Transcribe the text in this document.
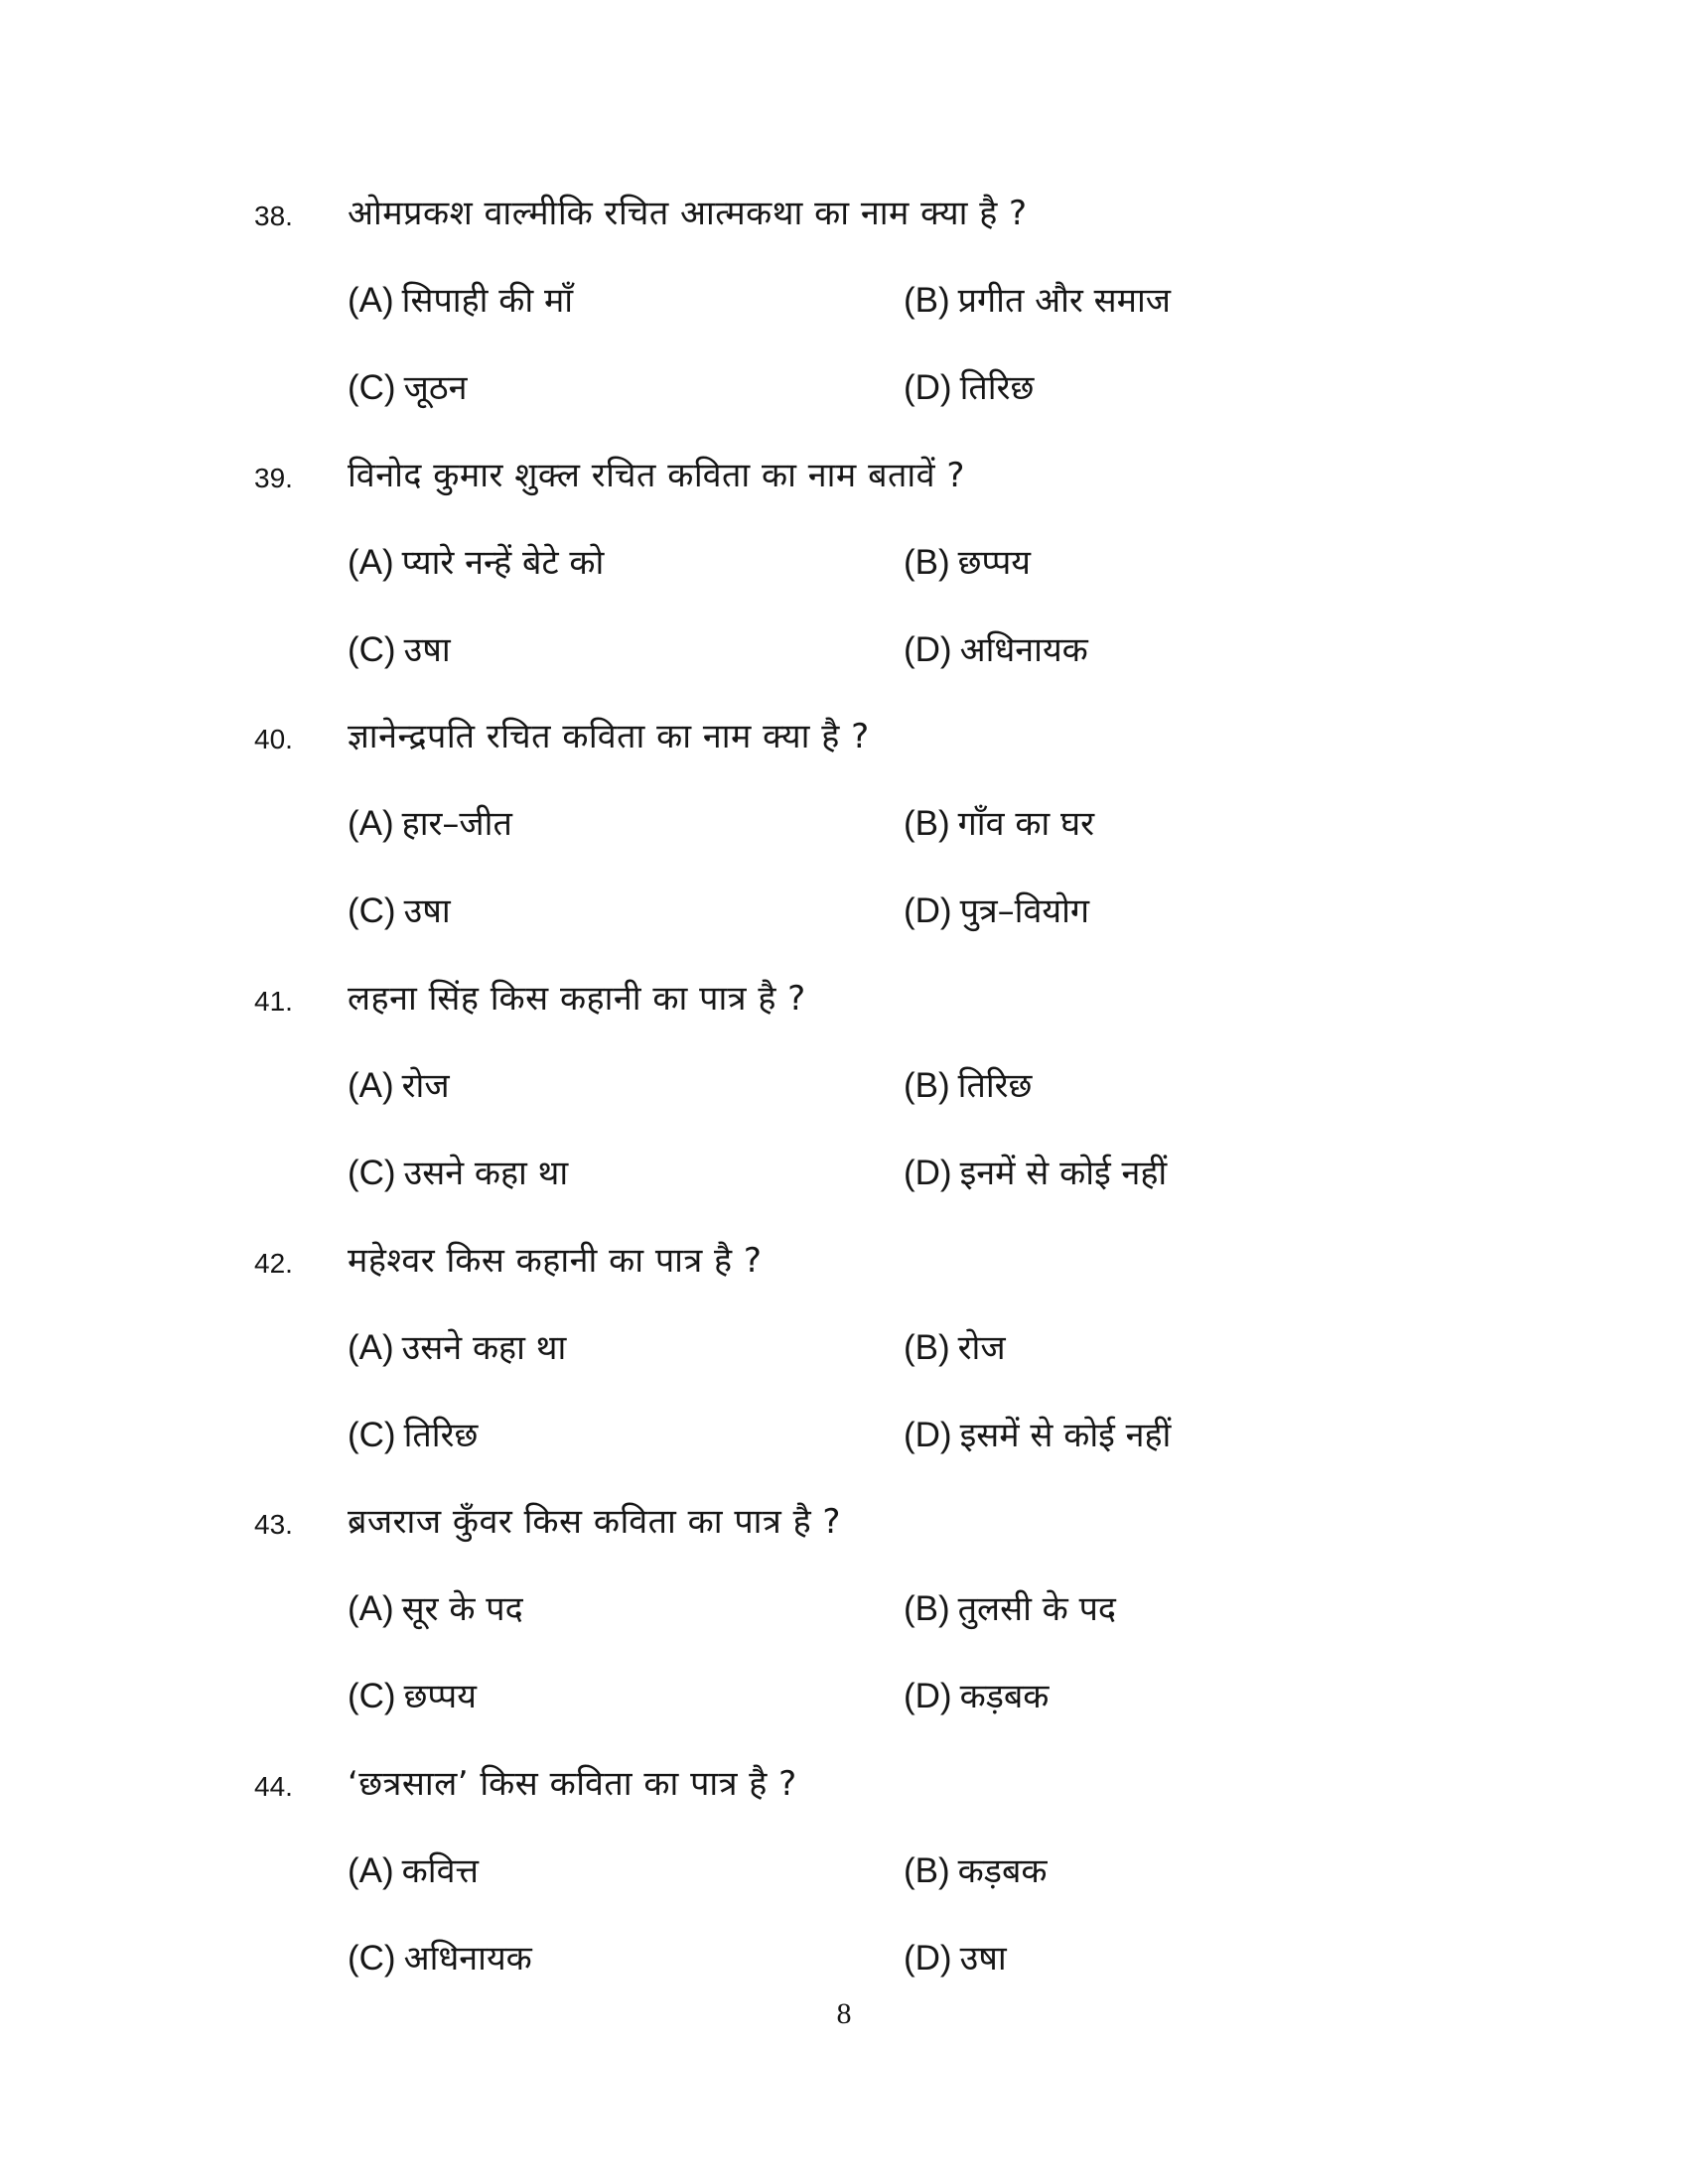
38. ओमप्रकश वाल्मीकि रचित आत्मकथा का नाम क्या है ?
(A) सिपाही की माँ	(B) प्रगीत और समाज
(C) जूठन	(D) तिरिछ
39. विनोद कुमार शुक्ल रचित कविता का नाम बतावें ?
(A) प्यारे नन्हें बेटे को	(B) छप्पय
(C) उषा	(D) अधिनायक
40. ज्ञानेन्द्रपति रचित कविता का नाम क्या है ?
(A) हार–जीत	(B) गाँव का घर
(C) उषा	(D) पुत्र–वियोग
41. लहना सिंह किस कहानी का पात्र है ?
(A) रोज	(B) तिरिछ
(C) उसने कहा था	(D) इनमें से कोई नहीं
42. महेश्वर किस कहानी का पात्र है ?
(A) उसने कहा था	(B) रोज
(C) तिरिछ	(D) इसमें से कोई नहीं
43. ब्रजराज कुँवर किस कविता का पात्र है ?
(A) सूर के पद	(B) तुलसी के पद
(C) छप्पय	(D) कड़बक
44. ‘छत्रसाल’ किस कविता का पात्र है ?
(A) कवित्त	(B) कड़बक
(C) अधिनायक	(D) उषा
8
